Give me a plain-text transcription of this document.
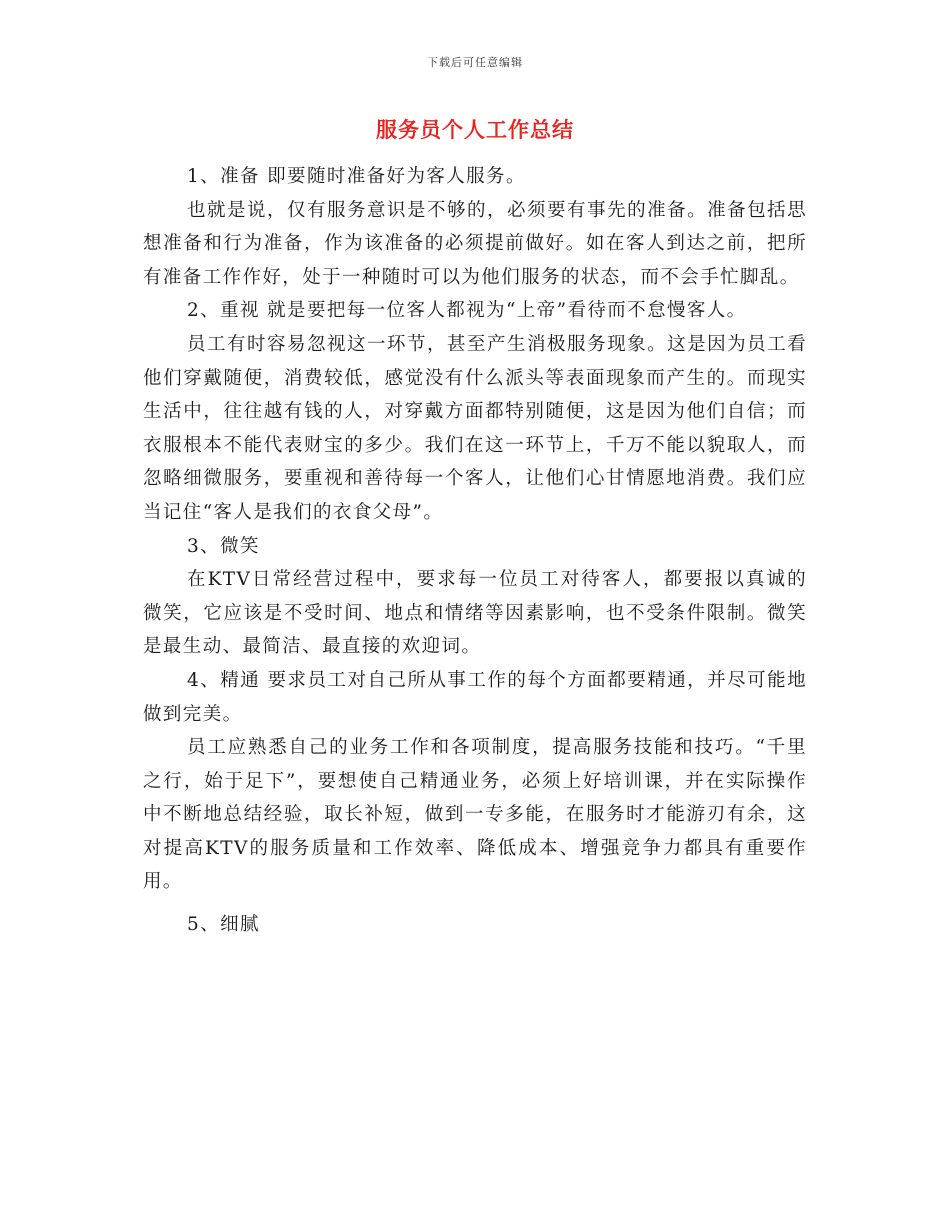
下载后可任意编辑
服务员个人工作总结

1、准备 即要随时准备好为客人服务。

也就是说，仅有服务意识是不够的，必须要有事先的准备。准备包括思想准备和行为准备，作为该准备的必须提前做好。如在客人到达之前，把所有准备工作作好，处于一种随时可以为他们服务的状态，而不会手忙脚乱。

2、重视 就是要把每一位客人都视为“上帝”看待而不怠慢客人。

员工有时容易忽视这一环节，甚至产生消极服务现象。这是因为员工看他们穿戴随便，消费较低，感觉没有什么派头等表面现象而产生的。而现实生活中，往往越有钱的人，对穿戴方面都特别随便，这是因为他们自信；而衣服根本不能代表财宝的多少。我们在这一环节上，千万不能以貌取人，而忽略细微服务，要重视和善待每一个客人，让他们心甘情愿地消费。我们应当记住“客人是我们的衣食父母”。

3、微笑

在KTV日常经营过程中，要求每一位员工对待客人，都要报以真诚的微笑，它应该是不受时间、地点和情绪等因素影响，也不受条件限制。微笑是最生动、最简洁、最直接的欢迎词。

4、精通 要求员工对自己所从事工作的每个方面都要精通，并尽可能地做到完美。

员工应熟悉自己的业务工作和各项制度，提高服务技能和技巧。“千里之行，始于足下”，要想使自己精通业务，必须上好培训课，并在实际操作中不断地总结经验，取长补短，做到一专多能，在服务时才能游刃有余，这对提高KTV的服务质量和工作效率、降低成本、增强竞争力都具有重要作用。

5、细腻
